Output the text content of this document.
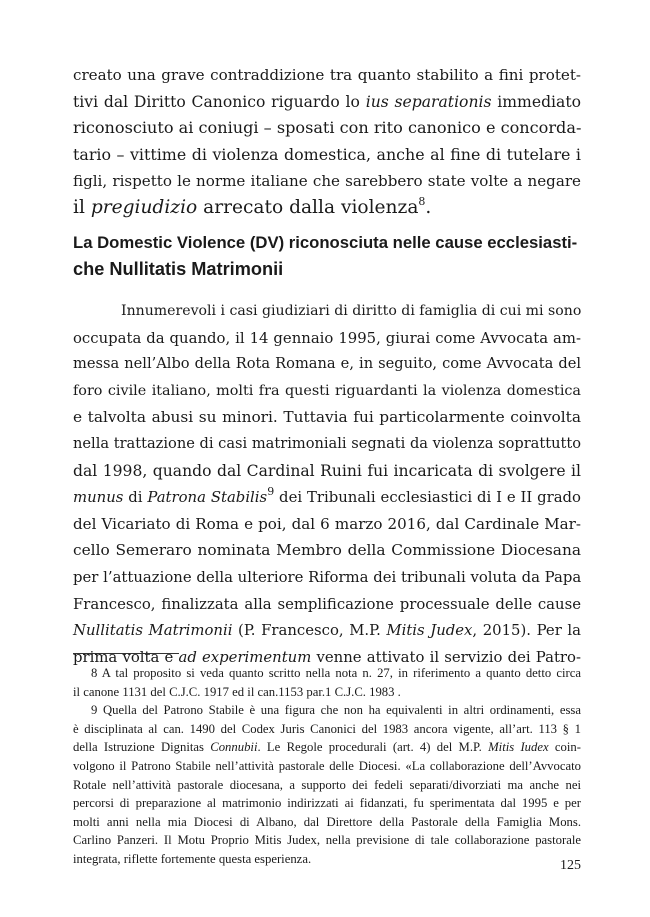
creato una grave contraddizione tra quanto stabilito a fini protet-
tivi dal Diritto Canonico riguardo lo ius separationis immediato
riconosciuto ai coniugi – sposati con rito canonico e concorda-
tario – vittime di violenza domestica, anche al fine di tutelare i
figli, rispetto le norme italiane che sarebbero state volte a negare
il pregiudizio arrecato dalla violenza$^8$.
La Domestic Violence (DV) riconosciuta nelle cause ecclesiasti-
che Nullitatis Matrimonii
Innumerevoli i casi giudiziari di diritto di famiglia di cui mi sono
occupata da quando, il 14 gennaio 1995, giurai come Avvocata am-
messa nell’Albo della Rota Romana e, in seguito, come Avvocata del
foro civile italiano, molti fra questi riguardanti la violenza domestica
e talvolta abusi su minori. Tuttavia fui particolarmente coinvolta
nella trattazione di casi matrimoniali segnati da violenza soprattutto
dal 1998, quando dal Cardinal Ruini fui incaricata di svolgere il
munus di Patrona Stabilis$^9$ dei Tribunali ecclesiastici di I e II grado
del Vicariato di Roma e poi, dal 6 marzo 2016, dal Cardinale Mar-
cello Semeraro nominata Membro della Commissione Diocesana
per l’attuazione della ulteriore Riforma dei tribunali voluta da Papa
Francesco, finalizzata alla semplificazione processuale delle cause
Nullitatis Matrimonii (P. Francesco, M.P. Mitis Judex, 2015). Per la
prima volta e ad experimentum venne attivato il servizio dei Patro-
8 A tal proposito si veda quanto scritto nella nota n. 27, in riferimento a quanto detto circa
il canone 1131 del C.J.C. 1917 ed il can.1153 par.1 C.J.C. 1983 .
9 Quella del Patrono Stabile è una figura che non ha equivalenti in altri ordinamenti, essa
è disciplinata al can. 1490 del Codex Juris Canonici del 1983 ancora vigente, all’art. 113 § 1
della Istruzione Dignitas Connubii. Le Regole procedurali (art. 4) del M.P. Mitis Iudex coin-
volgono il Patrono Stabile nell’attività pastorale delle Diocesi. «La collaborazione dell’Avvocato
Rotale nell’attività pastorale diocesana, a supporto dei fedeli separati/divorziati ma anche nei
percorsi di preparazione al matrimonio indirizzati ai fidanzati, fu sperimentata dal 1995 e per
molti anni nella mia Diocesi di Albano, dal Direttore della Pastorale della Famiglia Mons.
Carlino Panzeri. Il Motu Proprio Mitis Judex, nella previsione di tale collaborazione pastorale
integrata, riflette fortemente questa esperienza.	125
